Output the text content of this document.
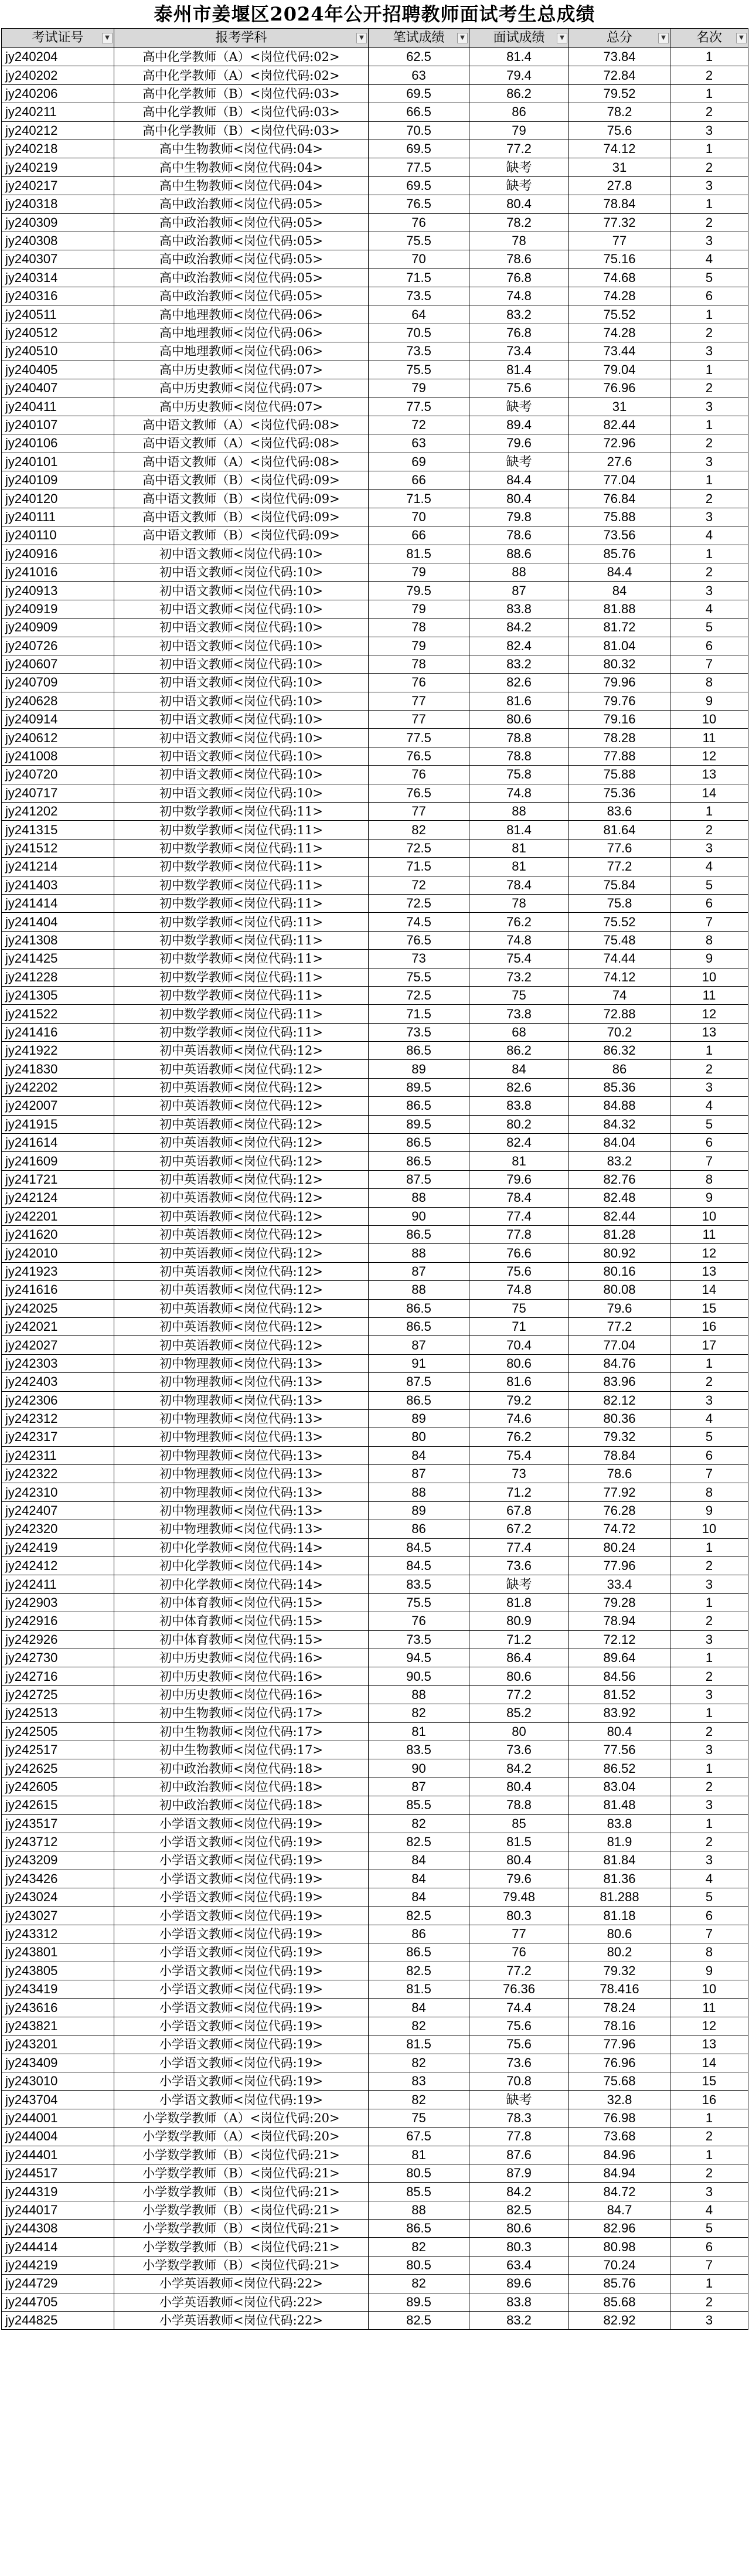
泰州市姜堰区2024年公开招聘教师面试考生总成绩
考试证号 ▼	报考学科 ▼	笔试成绩 ▼	面试成绩 ▼	总分 ▼	名次 ▼

jy240204	高中化学教师（A）<岗位代码:02>	62.5	81.4	73.84	1
jy240202	高中化学教师（A）<岗位代码:02>	63	79.4	72.84	2
jy240206	高中化学教师（B）<岗位代码:03>	69.5	86.2	79.52	1
jy240211	高中化学教师（B）<岗位代码:03>	66.5	86	78.2	2
jy240212	高中化学教师（B）<岗位代码:03>	70.5	79	75.6	3
jy240218	高中生物教师<岗位代码:04>	69.5	77.2	74.12	1
jy240219	高中生物教师<岗位代码:04>	77.5	缺考	31	2
jy240217	高中生物教师<岗位代码:04>	69.5	缺考	27.8	3
jy240318	高中政治教师<岗位代码:05>	76.5	80.4	78.84	1
jy240309	高中政治教师<岗位代码:05>	76	78.2	77.32	2
jy240308	高中政治教师<岗位代码:05>	75.5	78	77	3
jy240307	高中政治教师<岗位代码:05>	70	78.6	75.16	4
jy240314	高中政治教师<岗位代码:05>	71.5	76.8	74.68	5
jy240316	高中政治教师<岗位代码:05>	73.5	74.8	74.28	6
jy240511	高中地理教师<岗位代码:06>	64	83.2	75.52	1
jy240512	高中地理教师<岗位代码:06>	70.5	76.8	74.28	2
jy240510	高中地理教师<岗位代码:06>	73.5	73.4	73.44	3
jy240405	高中历史教师<岗位代码:07>	75.5	81.4	79.04	1
jy240407	高中历史教师<岗位代码:07>	79	75.6	76.96	2
jy240411	高中历史教师<岗位代码:07>	77.5	缺考	31	3
jy240107	高中语文教师（A）<岗位代码:08>	72	89.4	82.44	1
jy240106	高中语文教师（A）<岗位代码:08>	63	79.6	72.96	2
jy240101	高中语文教师（A）<岗位代码:08>	69	缺考	27.6	3
jy240109	高中语文教师（B）<岗位代码:09>	66	84.4	77.04	1
jy240120	高中语文教师（B）<岗位代码:09>	71.5	80.4	76.84	2
jy240111	高中语文教师（B）<岗位代码:09>	70	79.8	75.88	3
jy240110	高中语文教师（B）<岗位代码:09>	66	78.6	73.56	4
jy240916	初中语文教师<岗位代码:10>	81.5	88.6	85.76	1
jy241016	初中语文教师<岗位代码:10>	79	88	84.4	2
jy240913	初中语文教师<岗位代码:10>	79.5	87	84	3
jy240919	初中语文教师<岗位代码:10>	79	83.8	81.88	4
jy240909	初中语文教师<岗位代码:10>	78	84.2	81.72	5
jy240726	初中语文教师<岗位代码:10>	79	82.4	81.04	6
jy240607	初中语文教师<岗位代码:10>	78	83.2	80.32	7
jy240709	初中语文教师<岗位代码:10>	76	82.6	79.96	8
jy240628	初中语文教师<岗位代码:10>	77	81.6	79.76	9
jy240914	初中语文教师<岗位代码:10>	77	80.6	79.16	10
jy240612	初中语文教师<岗位代码:10>	77.5	78.8	78.28	11
jy241008	初中语文教师<岗位代码:10>	76.5	78.8	77.88	12
jy240720	初中语文教师<岗位代码:10>	76	75.8	75.88	13
jy240717	初中语文教师<岗位代码:10>	76.5	74.8	75.36	14
jy241202	初中数学教师<岗位代码:11>	77	88	83.6	1
jy241315	初中数学教师<岗位代码:11>	82	81.4	81.64	2
jy241512	初中数学教师<岗位代码:11>	72.5	81	77.6	3
jy241214	初中数学教师<岗位代码:11>	71.5	81	77.2	4
jy241403	初中数学教师<岗位代码:11>	72	78.4	75.84	5
jy241414	初中数学教师<岗位代码:11>	72.5	78	75.8	6
jy241404	初中数学教师<岗位代码:11>	74.5	76.2	75.52	7
jy241308	初中数学教师<岗位代码:11>	76.5	74.8	75.48	8
jy241425	初中数学教师<岗位代码:11>	73	75.4	74.44	9
jy241228	初中数学教师<岗位代码:11>	75.5	73.2	74.12	10
jy241305	初中数学教师<岗位代码:11>	72.5	75	74	11
jy241522	初中数学教师<岗位代码:11>	71.5	73.8	72.88	12
jy241416	初中数学教师<岗位代码:11>	73.5	68	70.2	13
jy241922	初中英语教师<岗位代码:12>	86.5	86.2	86.32	1
jy241830	初中英语教师<岗位代码:12>	89	84	86	2
jy242202	初中英语教师<岗位代码:12>	89.5	82.6	85.36	3
jy242007	初中英语教师<岗位代码:12>	86.5	83.8	84.88	4
jy241915	初中英语教师<岗位代码:12>	89.5	80.2	84.32	5
jy241614	初中英语教师<岗位代码:12>	86.5	82.4	84.04	6
jy241609	初中英语教师<岗位代码:12>	86.5	81	83.2	7
jy241721	初中英语教师<岗位代码:12>	87.5	79.6	82.76	8
jy242124	初中英语教师<岗位代码:12>	88	78.4	82.48	9
jy242201	初中英语教师<岗位代码:12>	90	77.4	82.44	10
jy241620	初中英语教师<岗位代码:12>	86.5	77.8	81.28	11
jy242010	初中英语教师<岗位代码:12>	88	76.6	80.92	12
jy241923	初中英语教师<岗位代码:12>	87	75.6	80.16	13
jy241616	初中英语教师<岗位代码:12>	88	74.8	80.08	14
jy242025	初中英语教师<岗位代码:12>	86.5	75	79.6	15
jy242021	初中英语教师<岗位代码:12>	86.5	71	77.2	16
jy242027	初中英语教师<岗位代码:12>	87	70.4	77.04	17
jy242303	初中物理教师<岗位代码:13>	91	80.6	84.76	1
jy242403	初中物理教师<岗位代码:13>	87.5	81.6	83.96	2
jy242306	初中物理教师<岗位代码:13>	86.5	79.2	82.12	3
jy242312	初中物理教师<岗位代码:13>	89	74.6	80.36	4
jy242317	初中物理教师<岗位代码:13>	80	76.2	79.32	5
jy242311	初中物理教师<岗位代码:13>	84	75.4	78.84	6
jy242322	初中物理教师<岗位代码:13>	87	73	78.6	7
jy242310	初中物理教师<岗位代码:13>	88	71.2	77.92	8
jy242407	初中物理教师<岗位代码:13>	89	67.8	76.28	9
jy242320	初中物理教师<岗位代码:13>	86	67.2	74.72	10
jy242419	初中化学教师<岗位代码:14>	84.5	77.4	80.24	1
jy242412	初中化学教师<岗位代码:14>	84.5	73.6	77.96	2
jy242411	初中化学教师<岗位代码:14>	83.5	缺考	33.4	3
jy242903	初中体育教师<岗位代码:15>	75.5	81.8	79.28	1
jy242916	初中体育教师<岗位代码:15>	76	80.9	78.94	2
jy242926	初中体育教师<岗位代码:15>	73.5	71.2	72.12	3
jy242730	初中历史教师<岗位代码:16>	94.5	86.4	89.64	1
jy242716	初中历史教师<岗位代码:16>	90.5	80.6	84.56	2
jy242725	初中历史教师<岗位代码:16>	88	77.2	81.52	3
jy242513	初中生物教师<岗位代码:17>	82	85.2	83.92	1
jy242505	初中生物教师<岗位代码:17>	81	80	80.4	2
jy242517	初中生物教师<岗位代码:17>	83.5	73.6	77.56	3
jy242625	初中政治教师<岗位代码:18>	90	84.2	86.52	1
jy242605	初中政治教师<岗位代码:18>	87	80.4	83.04	2
jy242615	初中政治教师<岗位代码:18>	85.5	78.8	81.48	3
jy243517	小学语文教师<岗位代码:19>	82	85	83.8	1
jy243712	小学语文教师<岗位代码:19>	82.5	81.5	81.9	2
jy243209	小学语文教师<岗位代码:19>	84	80.4	81.84	3
jy243426	小学语文教师<岗位代码:19>	84	79.6	81.36	4
jy243024	小学语文教师<岗位代码:19>	84	79.48	81.288	5
jy243027	小学语文教师<岗位代码:19>	82.5	80.3	81.18	6
jy243312	小学语文教师<岗位代码:19>	86	77	80.6	7
jy243801	小学语文教师<岗位代码:19>	86.5	76	80.2	8
jy243805	小学语文教师<岗位代码:19>	82.5	77.2	79.32	9
jy243419	小学语文教师<岗位代码:19>	81.5	76.36	78.416	10
jy243616	小学语文教师<岗位代码:19>	84	74.4	78.24	11
jy243821	小学语文教师<岗位代码:19>	82	75.6	78.16	12
jy243201	小学语文教师<岗位代码:19>	81.5	75.6	77.96	13
jy243409	小学语文教师<岗位代码:19>	82	73.6	76.96	14
jy243010	小学语文教师<岗位代码:19>	83	70.8	75.68	15
jy243704	小学语文教师<岗位代码:19>	82	缺考	32.8	16
jy244001	小学数学教师（A）<岗位代码:20>	75	78.3	76.98	1
jy244004	小学数学教师（A）<岗位代码:20>	67.5	77.8	73.68	2
jy244401	小学数学教师（B）<岗位代码:21>	81	87.6	84.96	1
jy244517	小学数学教师（B）<岗位代码:21>	80.5	87.9	84.94	2
jy244319	小学数学教师（B）<岗位代码:21>	85.5	84.2	84.72	3
jy244017	小学数学教师（B）<岗位代码:21>	88	82.5	84.7	4
jy244308	小学数学教师（B）<岗位代码:21>	86.5	80.6	82.96	5
jy244414	小学数学教师（B）<岗位代码:21>	82	80.3	80.98	6
jy244219	小学数学教师（B）<岗位代码:21>	80.5	63.4	70.24	7
jy244729	小学英语教师<岗位代码:22>	82	89.6	85.76	1
jy244705	小学英语教师<岗位代码:22>	89.5	83.8	85.68	2
jy244825	小学英语教师<岗位代码:22>	82.5	83.2	82.92	3
